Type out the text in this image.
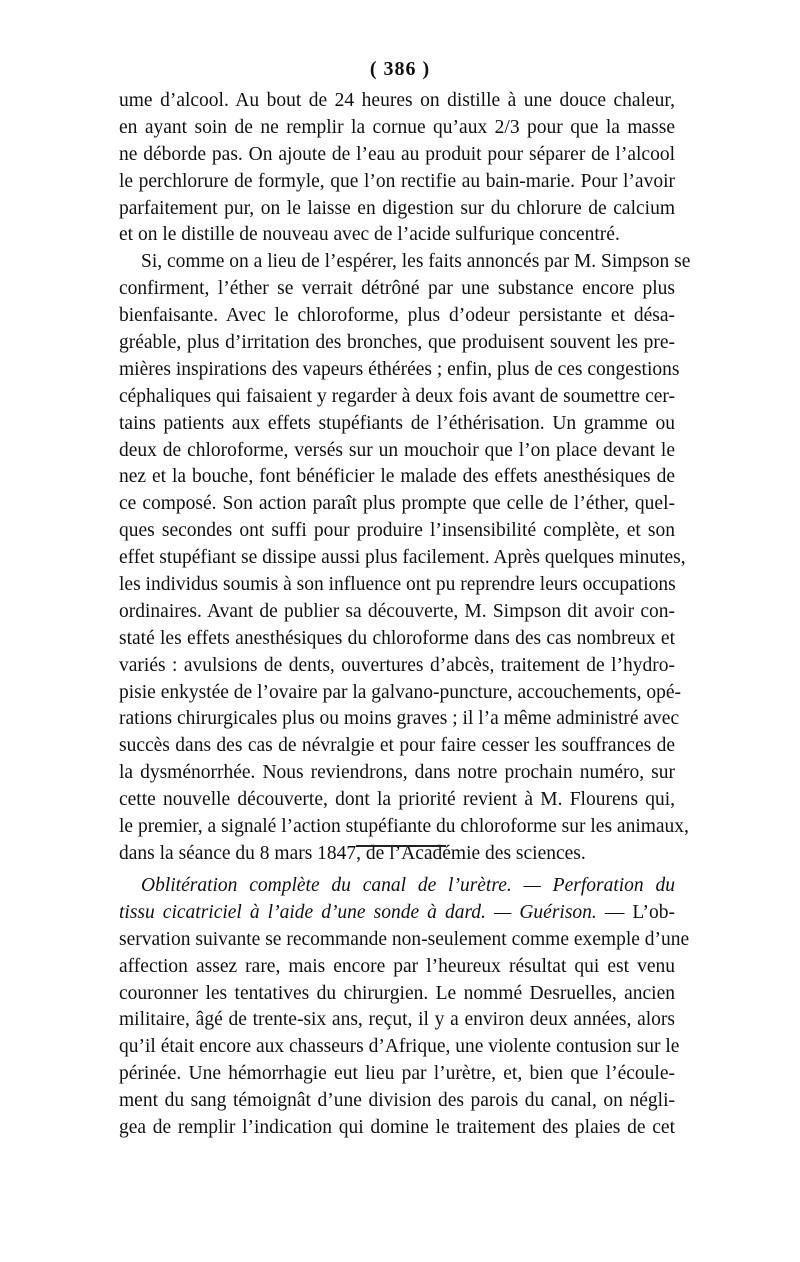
( 386 )
ume d’alcool. Au bout de 24 heures on distille à une douce chaleur,
en ayant soin de ne remplir la cornue qu’aux 2/3 pour que la masse
ne déborde pas. On ajoute de l’eau au produit pour séparer de l’alcool
le perchlorure de formyle, que l’on rectifie au bain-marie. Pour l’avoir
parfaitement pur, on le laisse en digestion sur du chlorure de calcium
et on le distille de nouveau avec de l’acide sulfurique concentré.
Si, comme on a lieu de l’espérer, les faits annoncés par M. Simpson se
confirment, l’éther se verrait détrôné par une substance encore plus
bienfaisante. Avec le chloroforme, plus d’odeur persistante et désa-
gréable, plus d’irritation des bronches, que produisent souvent les pre-
mières inspirations des vapeurs éthérées ; enfin, plus de ces congestions
céphaliques qui faisaient y regarder à deux fois avant de soumettre cer-
tains patients aux effets stupéfiants de l’éthérisation. Un gramme ou
deux de chloroforme, versés sur un mouchoir que l’on place devant le
nez et la bouche, font bénéficier le malade des effets anesthésiques de
ce composé. Son action paraît plus prompte que celle de l’éther, quel-
ques secondes ont suffi pour produire l’insensibilité complète, et son
effet stupéfiant se dissipe aussi plus facilement. Après quelques minutes,
les individus soumis à son influence ont pu reprendre leurs occupations
ordinaires. Avant de publier sa découverte, M. Simpson dit avoir con-
staté les effets anesthésiques du chloroforme dans des cas nombreux et
variés : avulsions de dents, ouvertures d’abcès, traitement de l’hydro-
pisie enkystée de l’ovaire par la galvano-puncture, accouchements, opé-
rations chirurgicales plus ou moins graves ; il l’a même administré avec
succès dans des cas de névralgie et pour faire cesser les souffrances de
la dysménorrhée. Nous reviendrons, dans notre prochain numéro, sur
cette nouvelle découverte, dont la priorité revient à M. Flourens qui,
le premier, a signalé l’action stupéfiante du chloroforme sur les animaux,
dans la séance du 8 mars 1847, de l’Académie des sciences.
Oblitération complète du canal de l’urètre. — Perforation du
tissu cicatriciel à l’aide d’une sonde à dard. — Guérison. — L’ob-
servation suivante se recommande non-seulement comme exemple d’une
affection assez rare, mais encore par l’heureux résultat qui est venu
couronner les tentatives du chirurgien. Le nommé Desruelles, ancien
militaire, âgé de trente-six ans, reçut, il y a environ deux années, alors
qu’il était encore aux chasseurs d’Afrique, une violente contusion sur le
périnée. Une hémorrhagie eut lieu par l’urètre, et, bien que l’écoule-
ment du sang témoignât d’une division des parois du canal, on négli-
gea de remplir l’indication qui domine le traitement des plaies de cet
